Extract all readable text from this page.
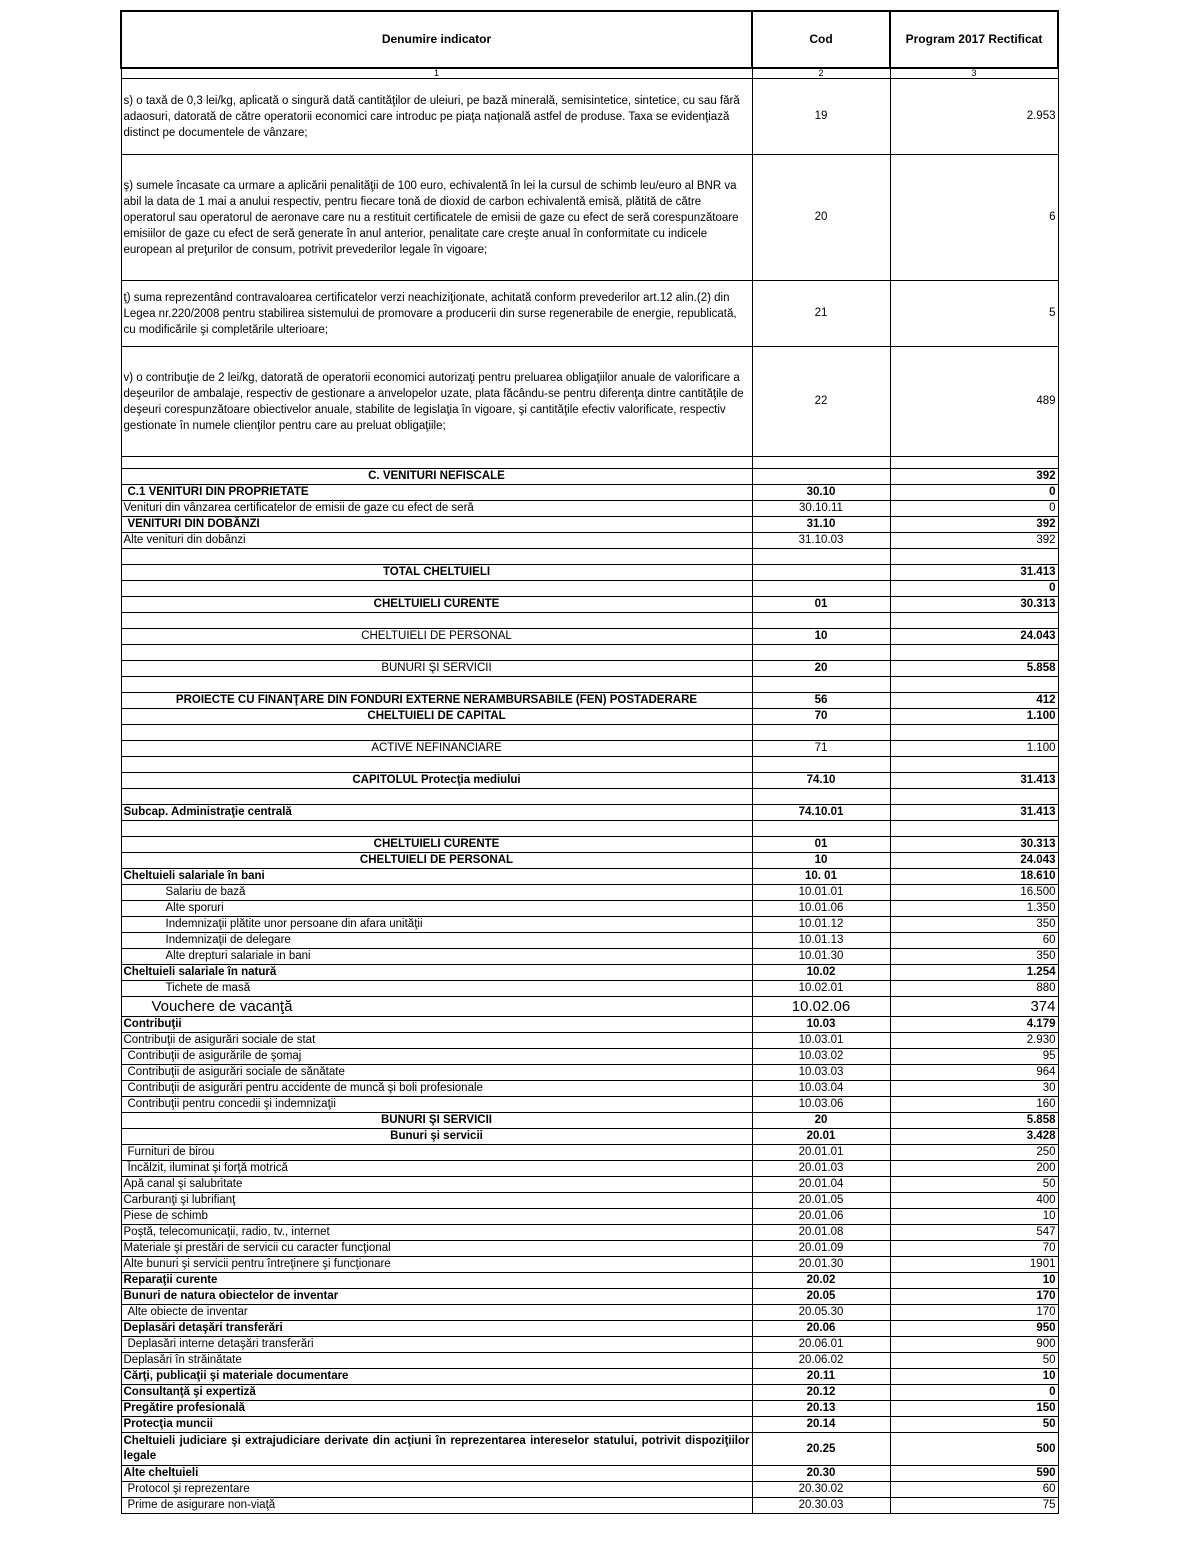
Denumire indicator	Cod	Program 2017 Rectificat
1	2	3
s) o taxă de 0,3 lei/kg, aplicată o singură dată cantităţilor de uleiuri, pe bază minerală, semisintetice, sintetice, cu sau fără adaosuri, datorată de către operatorii economici care introduc pe piaţa naţională astfel de produse. Taxa se evidenţiază distinct pe documentele de vânzare;	19	2.953
ş) sumele încasate ca urmare a aplicării penalităţii de 100 euro, echivalentă în lei la cursul de schimb leu/euro al BNR va abil la data de 1 mai a anului respectiv, pentru fiecare tonă de dioxid de carbon echivalentă emisă, plătită de către operatorul sau operatorul de aeronave care nu a restituit certificatele de emisii de gaze cu efect de seră corespunzătoare emisiilor de gaze cu efect de seră generate în anul anterior, penalitate care creşte anual în conformitate cu indicele european al preţurilor de consum, potrivit prevederilor legale în vigoare;	20	6
ţ) suma reprezentând contravaloarea certificatelor verzi neachiziţionate, achitată conform prevederilor art.12 alin.(2) din Legea nr.220/2008 pentru stabilirea sistemului de promovare a producerii din surse regenerabile de energie, republicată, cu modificările şi completările ulterioare;	21	5
v) o contribuţie de 2 lei/kg, datorată de operatorii economici autorizaţi pentru preluarea obligaţiilor anuale de valorificare a deşeurilor de ambalaje, respectiv de gestionare a anvelopelor uzate, plata făcându-se pentru diferenţa dintre cantităţile de deşeuri corespunzătoare obiectivelor anuale, stabilite de legislaţia în vigoare, şi cantităţile efectiv valorificate, respectiv gestionate în numele clienţilor pentru care au preluat obligaţiile;	22	489

C. VENITURI NEFISCALE		392
C.1 VENITURI DIN PROPRIETATE	30.10	0
Venituri din vânzarea certificatelor de emisii de gaze cu efect de seră	30.10.11	0
VENITURI DIN DOBÂNZI	31.10	392
Alte venituri din dobânzi	31.10.03	392

TOTAL CHELTUIELI		31.413
		0
CHELTUIELI CURENTE	01	30.313

CHELTUIELI DE PERSONAL	10	24.043

BUNURI ŞI SERVICII	20	5.858

PROIECTE CU FINANŢARE DIN FONDURI EXTERNE NERAMBURSABILE (FEN) POSTADERARE	56	412
CHELTUIELI DE CAPITAL	70	1.100

ACTIVE NEFINANCIARE	71	1.100

CAPITOLUL Protecţia mediului	74.10	31.413

Subcap. Administraţie centrală	74.10.01	31.413

CHELTUIELI CURENTE	01	30.313
CHELTUIELI DE PERSONAL	10	24.043
Cheltuieli salariale în bani	10. 01	18.610
Salariu de bază	10.01.01	16.500
Alte sporuri	10.01.06	1.350
Indemnizaţii plătite unor persoane din afara unităţii	10.01.12	350
Indemnizaţii de delegare	10.01.13	60
Alte drepturi salariale in bani	10.01.30	350
Cheltuieli salariale în natură	10.02	1.254
Tichete de masă	10.02.01	880
Vouchere de vacanţă	10.02.06	374
Contribuţii	10.03	4.179
Contribuţii de asigurări sociale de stat	10.03.01	2.930
Contribuţii de asigurările de şomaj	10.03.02	95
Contribuţii de asigurări sociale de sănătate	10.03.03	964
Contribuţii de asigurări pentru accidente de muncă şi boli profesionale	10.03.04	30
Contribuţii pentru concedii şi indemnizaţii	10.03.06	160
BUNURI ŞI SERVICII	20	5.858
Bunuri şi servicii	20.01	3.428
Furnituri de birou	20.01.01	250
Încălzit, iluminat şi forţă motrică	20.01.03	200
Apă canal şi salubritate	20.01.04	50
Carburanţi şi lubrifianţ	20.01.05	400
Piese de schimb	20.01.06	10
Poştă, telecomunicaţii, radio, tv., internet	20.01.08	547
Materiale şi prestări de servicii cu caracter funcţional	20.01.09	70
Alte bunuri şi servicii pentru întreţinere şi funcţionare	20.01.30	1901
Reparaţii curente	20.02	10
Bunuri de natura obiectelor de inventar	20.05	170
Alte obiecte de inventar	20.05.30	170
Deplasări detaşări transferări	20.06	950
Deplasări interne detaşări transferări	20.06.01	900
Deplasări în străinătate	20.06.02	50
Cărţi, publicaţii şi materiale documentare	20.11	10
Consultanţă şi expertiză	20.12	0
Pregătire profesională	20.13	150
Protecţia muncii	20.14	50
Cheltuieli judiciare şi extrajudiciare derivate din acţiuni în reprezentarea intereselor statului, potrivit dispoziţiilor legale	20.25	500
Alte cheltuieli	20.30	590
Protocol şi reprezentare	20.30.02	60
Prime de asigurare non-viaţă	20.30.03	75
